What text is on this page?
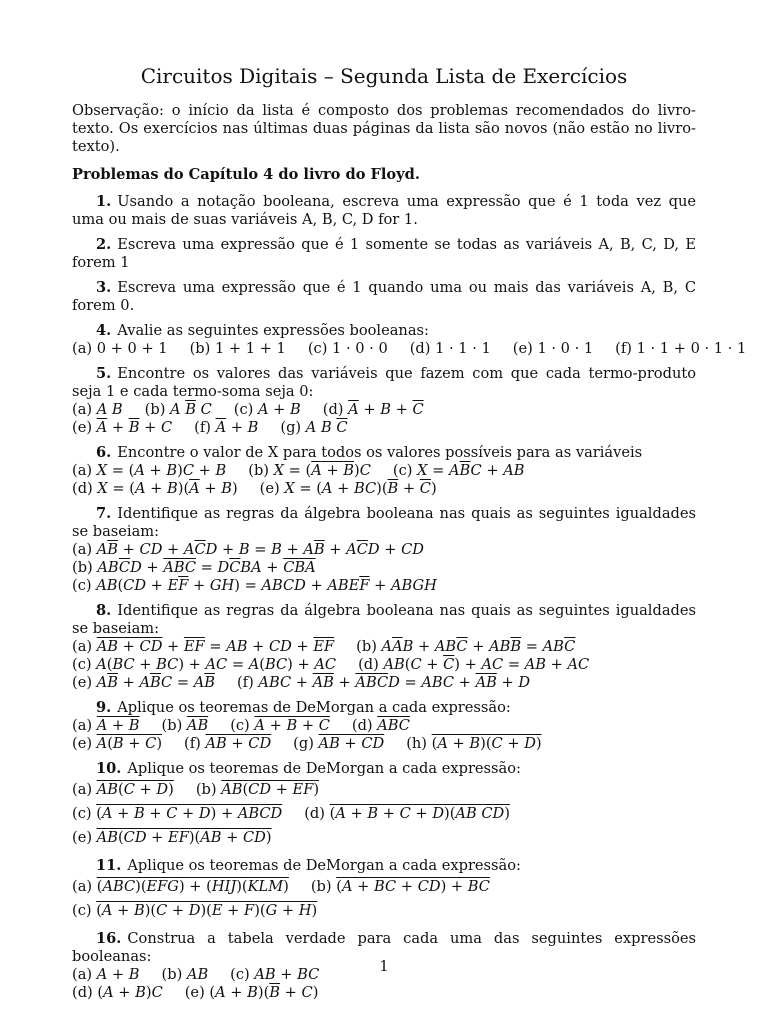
Circuitos Digitais – Segunda Lista de Exercícios
Observação: o início da lista é composto dos problemas recomendados do livro-texto. Os exercícios nas últimas duas páginas da lista são novos (não estão no livro-texto).
Problemas do Capítulo 4 do livro do Floyd.

1. Usando a notação booleana, escreva uma expressão que é 1 toda vez que uma ou mais de suas variáveis A, B, C, D for 1.

2. Escreva uma expressão que é 1 somente se todas as variáveis A, B, C, D, E forem 1

3. Escreva uma expressão que é 1 quando uma ou mais das variáveis A, B, C forem 0.

4. Avalie as seguintes expressões booleanas:

(a) 0 + 0 + 1 (b) 1 + 1 + 1 (c) 1 · 0 · 0 (d) 1 · 1 · 1 (e) 1 · 0 · 1 (f) 1 · 1 + 0 · 1 · 1

5. Encontre os valores das variáveis que fazem com que cada termo-produto seja 1 e cada termo-soma seja 0:

(a) A B (b) A $\overline{B}$ C (c) A + B (d) $\overline{A} + B + \overline{C}$

(e) $\overline{A} + \overline{B} + C$ (f) $\overline{A} + B$ (g) A B $\overline{C}$

6. Encontre o valor de X para todos os valores possíveis para as variáveis

(a) X = (A + B)C + B (b) X = (A + B)C (c) $X = A\overline{B}C$ + AB

(d) $X = (A + B)(\overline{A} + B)$ (e) $X = (A + BC)(\overline{B} + \overline{C})$

7. Identifique as regras da álgebra booleana nas quais as seguintes igualdades se baseiam:

(a) $A\overline{B}$ + CD + $A\overline{C}D + B = B + A\overline{B} + A\overline{C}D$ + CD

(b) $AB\overline{C}D + \overline{ABC} = D\overline{C}BA + \overline{CBA}$

(c) $AB(CD + E\overline{F} + GH)$ = ABCD + $ABE\overline{F}$ + ABGH

8. Identifique as regras da álgebra booleana nas quais as seguintes igualdades se baseiam:

(a) AB + CD + $\overline{EF}$ = AB + CD + $\overline{EF}$ (b) $A\overline{A}B + AB\overline{C} + AB\overline{B} = AB\overline{C}$

(c) A(BC + BC) + AC = A(BC) + AC (d) $AB(C + \overline{C})$ + AC = AB + AC

(e) $A\overline{B} + A\overline{B}C = A\overline{B}$ (f) ABC + $\overline{AB} + \overline{ABC}D$ = ABC + $\overline{AB} + D$

9. Aplique os teoremas de DeMorgan a cada expressão:

(a) A + B (b) AB (c) A + B + C (d) ABC

(e) A(B + C) (f) AB + CD (g) AB + CD (h) (A + B)(C + D)

10. Aplique os teoremas de DeMorgan a cada expressão:

(a) AB(C + D) (b) AB(CD + EF)

(c) (A + B + C + D) + ABCD (d) (A + B + C + D)(AB CD)

(e) AB(CD + EF)(AB + CD)

11. Aplique os teoremas de DeMorgan a cada expressão:

(a) (ABC)(EFG) + (HIJ)(KLM) (b) (A + BC + CD) + BC

(c) (A + B)(C + D)(E + F)(G + H)

16. Construa a tabela verdade para cada uma das seguintes expressões booleanas:

(a) A + B (b) AB (c) AB + BC

(d) (A + B)C (e) $(A + B)(\overline{B} + C)$

1
